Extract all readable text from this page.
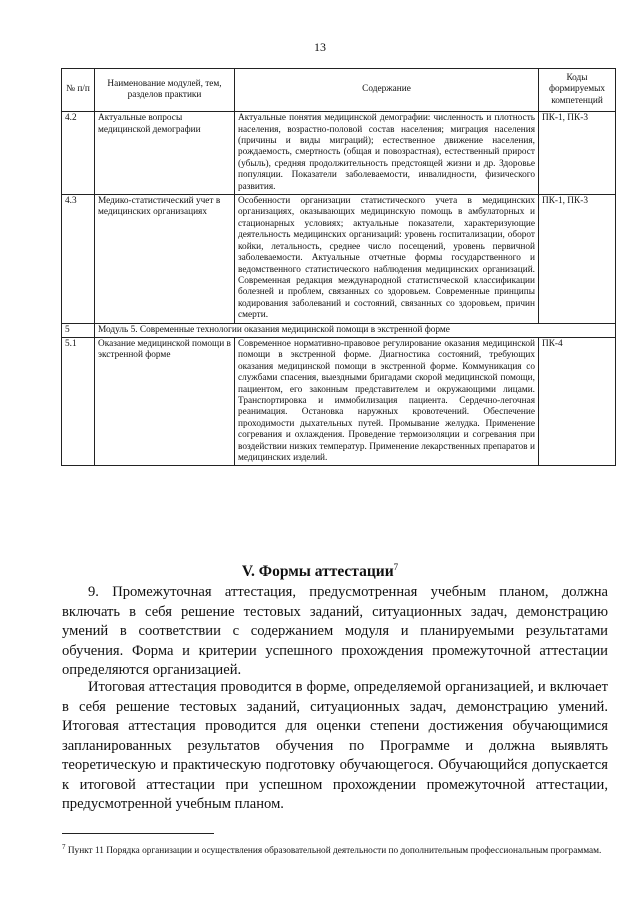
13
№ п/п	Наименование модулей, тем, разделов практики	Содержание	Коды формируемых компетенций
4.2	Актуальные вопросы медицинской демографии	Актуальные понятия медицинской демографии: численность и плотность населения, возрастно-половой состав населения; миграция населения (причины и виды миграций); естественное движение населения, рождаемость, смертность (общая и повозрастная), естественный прирост (убыль), средняя продолжительность предстоящей жизни и др. Здоровье популяции. Показатели заболеваемости, инвалидности, физического развития.	ПК-1, ПК-3
4.3	Медико-статистический учет в медицинских организациях	Особенности организации статистического учета в медицинских организациях, оказывающих медицинскую помощь в амбулаторных и стационарных условиях; актуальные показатели, характеризующие деятельность медицинских организаций: уровень госпитализации, оборот койки, летальность, среднее число посещений, уровень первичной заболеваемости. Актуальные отчетные формы государственного и ведомственного статистического наблюдения медицинских организаций. Современная редакция международной статистической классификации болезней и проблем, связанных со здоровьем. Современные принципы кодирования заболеваний и состояний, связанных со здоровьем, причин смерти.	ПК-1, ПК-3
5	Модуль 5. Современные технологии оказания медицинской помощи в экстренной форме		
5.1	Оказание медицинской помощи в экстренной форме	Современное нормативно-правовое регулирование оказания медицинской помощи в экстренной форме. Диагностика состояний, требующих оказания медицинской помощи в экстренной форме. Коммуникация со службами спасения, выездными бригадами скорой медицинской помощи, пациентом, его законным представителем и окружающими лицами. Транспортировка и иммобилизация пациента. Сердечно-легочная реанимация. Остановка наружных кровотечений. Обеспечение проходимости дыхательных путей. Промывание желудка. Применение согревания и охлаждения. Проведение термоизоляции и согревания при воздействии низких температур. Применение лекарственных препаратов и медицинских изделий.	ПК-4
V. Формы аттестации$^7$

9. Промежуточная аттестация, предусмотренная учебным планом, должна включать в себя решение тестовых заданий, ситуационных задач, демонстрацию умений в соответствии с содержанием модуля и планируемыми результатами обучения. Форма и критерии успешного прохождения промежуточной аттестации определяются организацией.

Итоговая аттестация проводится в форме, определяемой организацией, и включает в себя решение тестовых заданий, ситуационных задач, демонстрацию умений. Итоговая аттестация проводится для оценки степени достижения обучающимися запланированных результатов обучения по Программе и должна выявлять теоретическую и практическую подготовку обучающегося. Обучающийся допускается к итоговой аттестации при успешном прохождении промежуточной аттестации, предусмотренной учебным планом.

$^7$ Пункт 11 Порядка организации и осуществления образовательной деятельности по дополнительным профессиональным программам.
